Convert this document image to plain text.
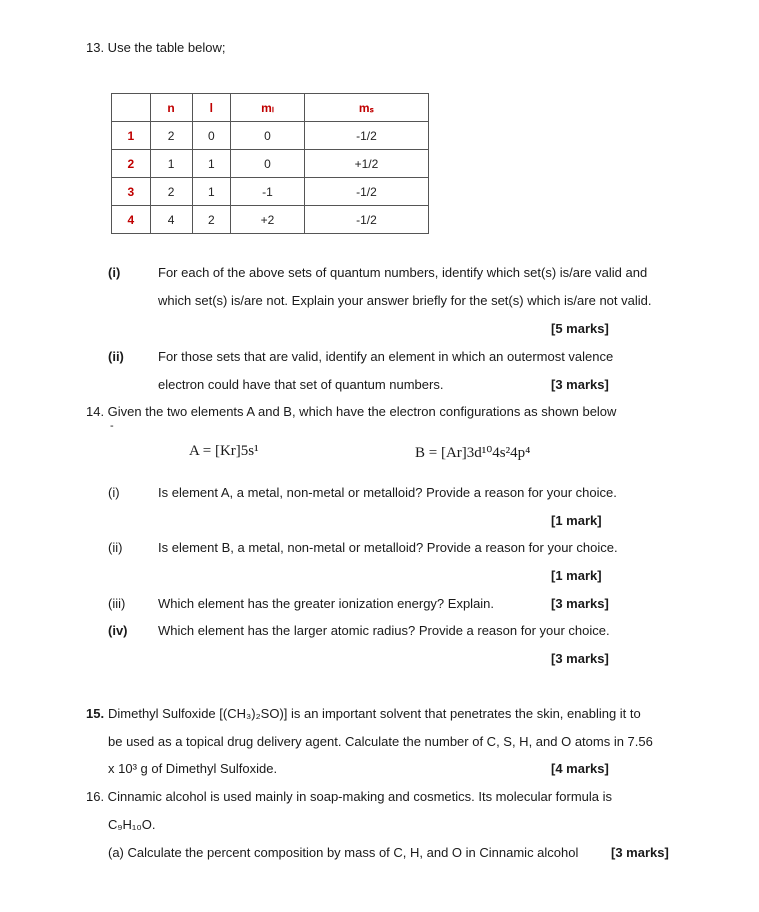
13. Use the table below;
	n	l	mₗ	mₛ
1	2	0	0	-1/2
2	1	1	0	+1/2
3	2	1	-1	-1/2
4	4	2	+2	-1/2
(i)	For each of the above sets of quantum numbers, identify which set(s) is/are valid and
which set(s) is/are not. Explain your answer briefly for the set(s) which is/are not valid.
[5 marks]
(ii)	For those sets that are valid, identify an element in which an outermost valence
electron could have that set of quantum numbers.	[3 marks]
14. Given the two elements A and B, which have the electron configurations as shown below
-
A = [Kr]5s¹	B = [Ar]3d¹⁰4s²4p⁴
(i)	Is element A, a metal, non-metal or metalloid? Provide a reason for your choice.
[1 mark]
(ii)	Is element B, a metal, non-metal or metalloid? Provide a reason for your choice.
[1 mark]
(iii)	Which element has the greater ionization energy? Explain.	[3 marks]
(iv) Which element has the larger atomic radius? Provide a reason for your choice.
[3 marks]
15. Dimethyl Sulfoxide [(CH₃)₂SO)] is an important solvent that penetrates the skin, enabling it to
be used as a topical drug delivery agent. Calculate the number of C, S, H, and O atoms in 7.56
x 10³ g of Dimethyl Sulfoxide.	[4 marks]
16. Cinnamic alcohol is used mainly in soap-making and cosmetics. Its molecular formula is
C₉H₁₀O.
(a) Calculate the percent composition by mass of C, H, and O in Cinnamic alcohol	[3 marks]
